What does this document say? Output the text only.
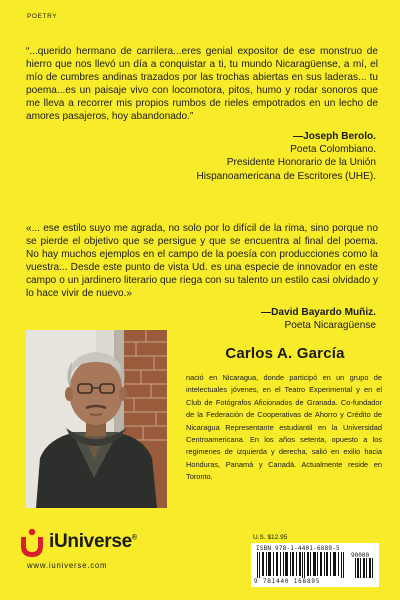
POETRY

“...querido hermano de carrilera...eres genial expositor de ese monstruo de hierro que nos llevó un día a conquistar a ti, tu mundo Nicaragüense, a mí, el mío de cumbres andinas trazados por las trochas abiertas en sus laderas... tu poema...es un paisaje vivo con locomotora, pitos, humo y rodar sonoros que me lleva a recorrer mis propios rumbos de rieles empotrados en un lecho de amores pasajeros, hoy abandonado.”

—Joseph Berolo.
Poeta Colombiano.
Presidente Honorario de la Unión Hispanoamericana de Escritores (UHE).

«... ese estilo suyo me agrada, no solo por lo difícil de la rima, sino porque no se pierde el objetivo que se persigue y que se encuentra al final del poema. No hay muchos ejemplos en el campo de la poesía con producciones como la vuestra... Desde este punto de vista Ud. es una especie de innovador en este campo o un jardinero literario que riega con su talento un estilo casi olvidado y lo hace vivir de nuevo.»

—David Bayardo Muñiz.
Poeta Nicaragüense
Carlos A. García

nació en Nicaragua, donde participó en un grupo de intelectuales jóvenes, en el Teatro Experimental y en el Club de Fotógrafos Aficionados de Granada. Co-fundador de la Federación de Cooperativas de Ahorro y Crédito de Nicaragua Representante estudiantil en la Universidad Centroamericana. En los años setenta, opuesto a los regimenes de izquierda y derecha, salió en exilio hacia Honduras, Panamá y Canadá. Actualmente reside en Toronto.

iUniverse®
www.iuniverse.com
U.S. $12.95
ISBN 978-1-4401-6889-5
90000
9 781440 168895
